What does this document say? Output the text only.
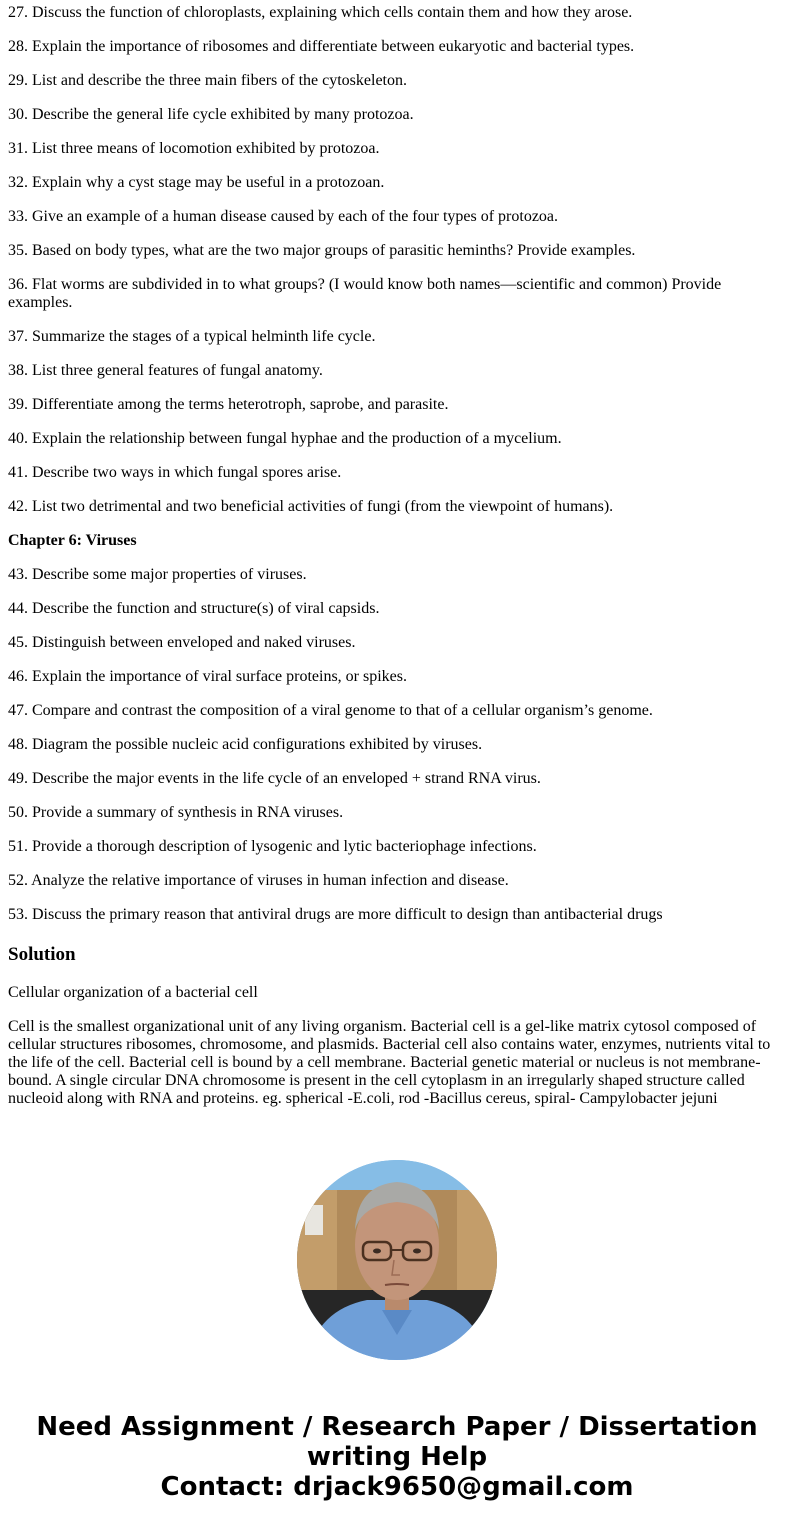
27. Discuss the function of chloroplasts, explaining which cells contain them and how they arose.

28. Explain the importance of ribosomes and differentiate between eukaryotic and bacterial types.

29. List and describe the three main fibers of the cytoskeleton.

30. Describe the general life cycle exhibited by many protozoa.

31. List three means of locomotion exhibited by protozoa.

32. Explain why a cyst stage may be useful in a protozoan.

33. Give an example of a human disease caused by each of the four types of protozoa.

35. Based on body types, what are the two major groups of parasitic heminths? Provide examples.

36. Flat worms are subdivided in to what groups? (I would know both names—scientific and common) Provide examples.

37. Summarize the stages of a typical helminth life cycle.

38. List three general features of fungal anatomy.

39. Differentiate among the terms heterotroph, saprobe, and parasite.

40. Explain the relationship between fungal hyphae and the production of a mycelium.

41. Describe two ways in which fungal spores arise.

42. List two detrimental and two beneficial activities of fungi (from the viewpoint of humans).

Chapter 6: Viruses

43. Describe some major properties of viruses.

44. Describe the function and structure(s) of viral capsids.

45. Distinguish between enveloped and naked viruses.

46. Explain the importance of viral surface proteins, or spikes.

47. Compare and contrast the composition of a viral genome to that of a cellular organism’s genome.

48. Diagram the possible nucleic acid configurations exhibited by viruses.

49. Describe the major events in the life cycle of an enveloped + strand RNA virus.

50. Provide a summary of synthesis in RNA viruses.

51. Provide a thorough description of lysogenic and lytic bacteriophage infections.

52. Analyze the relative importance of viruses in human infection and disease.

53. Discuss the primary reason that antiviral drugs are more difficult to design than antibacterial drugs

Solution

Cellular organization of a bacterial cell

Cell is the smallest organizational unit of any living organism. Bacterial cell is a gel-like matrix cytosol composed of cellular structures ribosomes, chromosome, and plasmids. Bacterial cell also contains water, enzymes, nutrients vital to the life of the cell. Bacterial cell is bound by a cell membrane. Bacterial genetic material or nucleus is not membrane-bound. A single circular DNA chromosome is present in the cell cytoplasm in an irregularly shaped structure called nucleoid along with RNA and proteins. eg. spherical -E.coli, rod -Bacillus cereus, spiral- Campylobacter jejuni

Need Assignment / Research Paper / Dissertation
writing Help
Contact: drjack9650@gmail.com
